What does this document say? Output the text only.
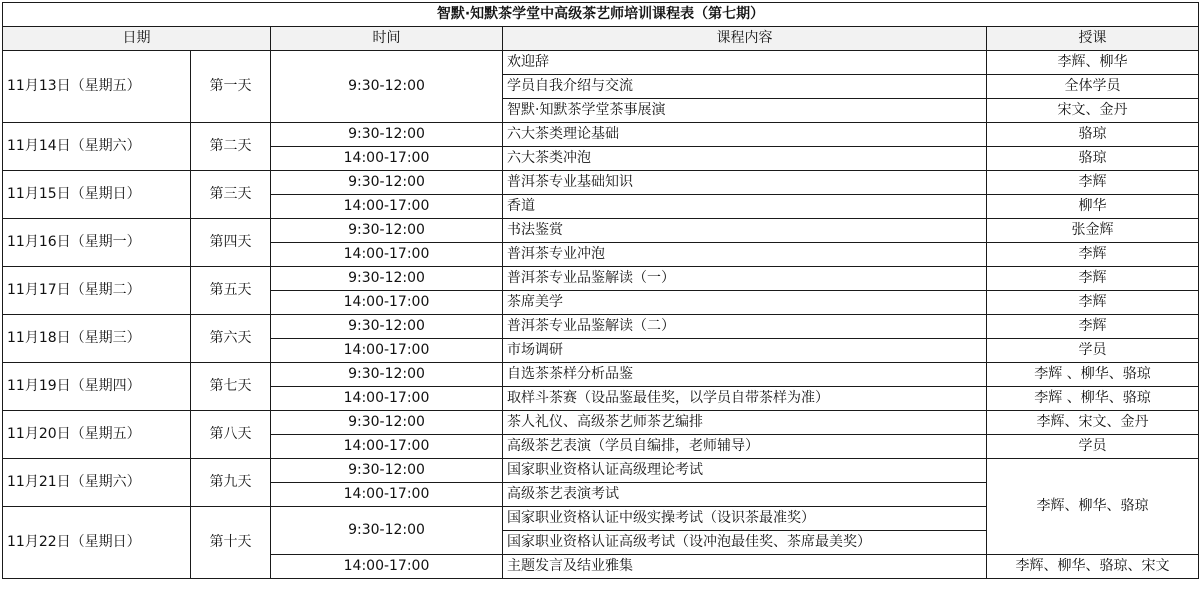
智默·知默茶学堂中高级茶艺师培训课程表（第七期）				
日期		时间	课程内容	授课
11月13日（星期五）	第一天	9:30-12:00	欢迎辞	李辉、柳华
			学员自我介绍与交流	全体学员
			智默·知默茶学堂茶事展演	宋文、金丹
11月14日（星期六）	第二天	9:30-12:00	六大茶类理论基础	骆琼
		14:00-17:00	六大茶类冲泡	骆琼
11月15日（星期日）	第三天	9:30-12:00	普洱茶专业基础知识	李辉
		14:00-17:00	香道	柳华
11月16日（星期一）	第四天	9:30-12:00	书法鉴赏	张金辉
		14:00-17:00	普洱茶专业冲泡	李辉
11月17日（星期二）	第五天	9:30-12:00	普洱茶专业品鉴解读（一）	李辉
		14:00-17:00	茶席美学	李辉
11月18日（星期三）	第六天	9:30-12:00	普洱茶专业品鉴解读（二）	李辉
		14:00-17:00	市场调研	学员
11月19日（星期四）	第七天	9:30-12:00	自选茶茶样分析品鉴	李辉 、柳华、骆琼
		14:00-17:00	取样斗茶赛（设品鉴最佳奖，以学员自带茶样为准）	李辉 、柳华、骆琼
11月20日（星期五）	第八天	9:30-12:00	茶人礼仪、高级茶艺师茶艺编排	李辉、宋文、金丹
		14:00-17:00	高级茶艺表演（学员自编排，老师辅导）	学员
11月21日（星期六）	第九天	9:30-12:00	国家职业资格认证高级理论考试	李辉、柳华、骆琼
		14:00-17:00	高级茶艺表演考试	
11月22日（星期日）	第十天	9:30-12:00	国家职业资格认证中级实操考试（设识茶最准奖）	
			国家职业资格认证高级考试（设冲泡最佳奖、茶席最美奖）	
		14:00-17:00	主题发言及结业雅集	李辉、柳华、骆琼、宋文
